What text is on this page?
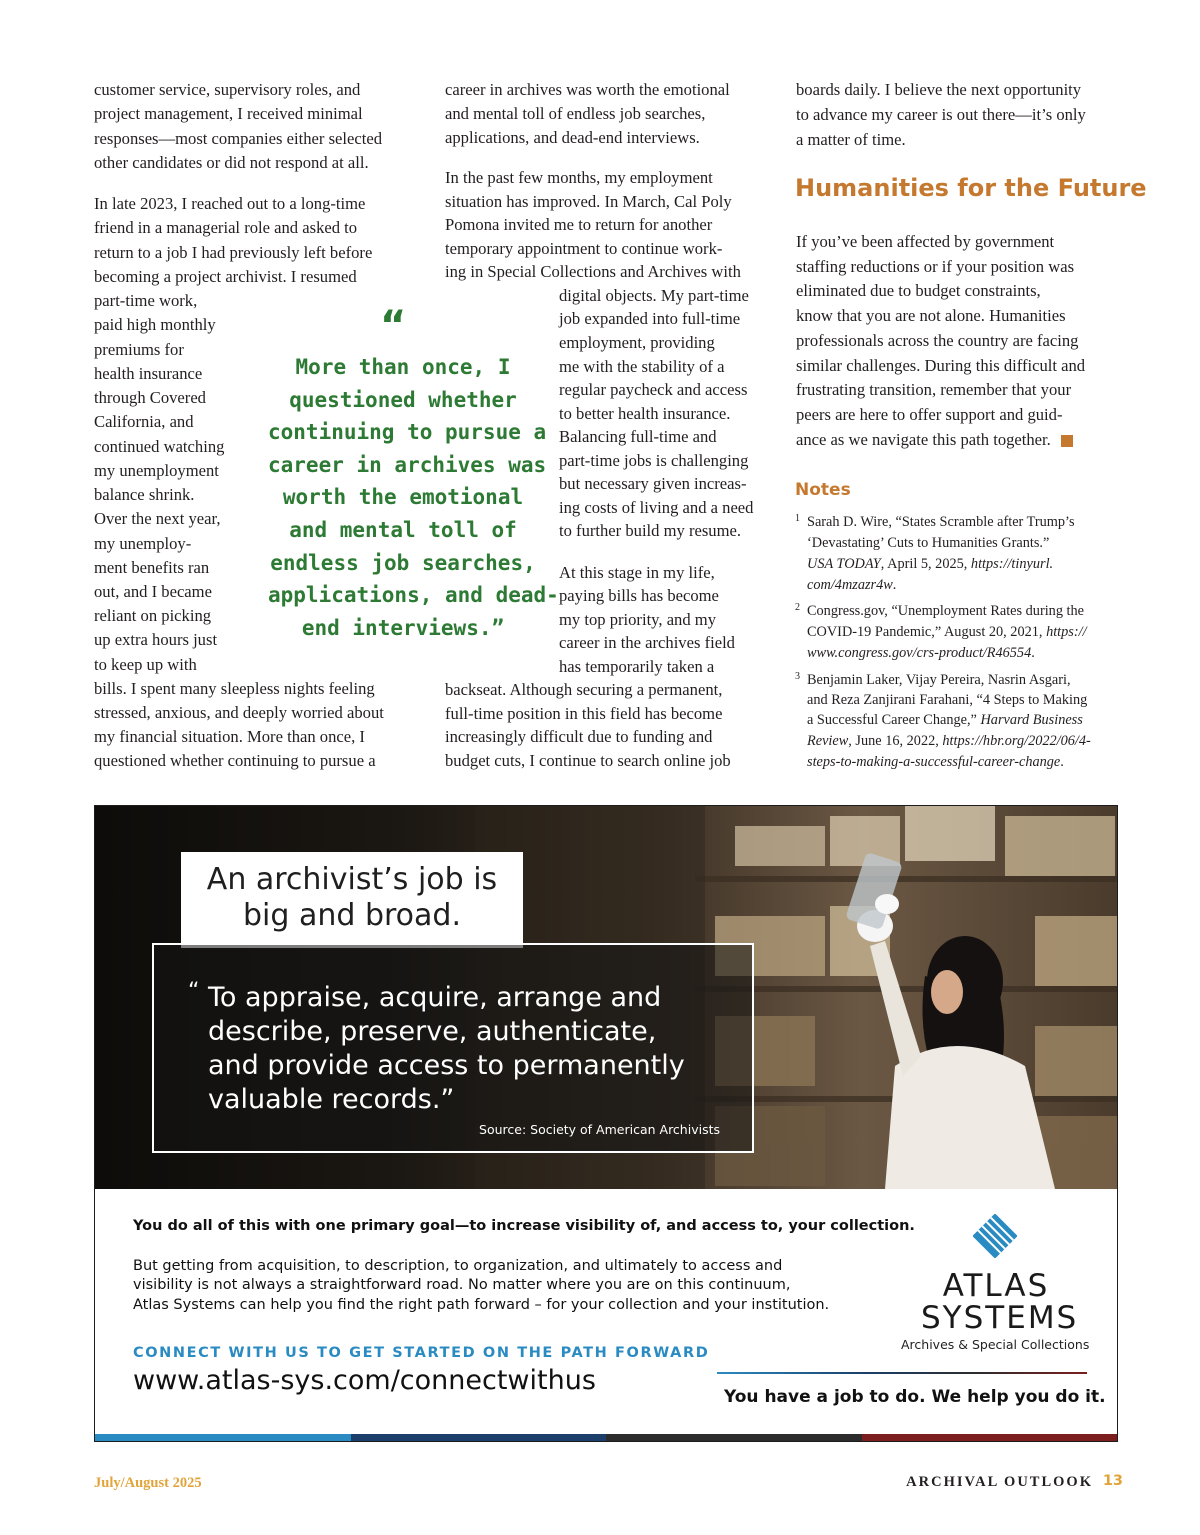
customer service, supervisory roles, and
project management, I received minimal
responses—most companies either selected
other candidates or did not respond at all.
In late 2023, I reached out to a long-time
friend in a managerial role and asked to
return to a job I had previously left before
becoming a project archivist. I resumed
part-time work,
paid high monthly
premiums for
health insurance
through Covered
California, and
continued watching
my unemployment
balance shrink.
Over the next year,
my unemploy-
ment benefits ran
out, and I became
reliant on picking
up extra hours just
to keep up with
bills. I spent many sleepless nights feeling
stressed, anxious, and deeply worried about
my financial situation. More than once, I
questioned whether continuing to pursue a
“
More than once, I
questioned whether
continuing to pursue a
career in archives was
worth the emotional
and mental toll of
endless job searches,
applications, and dead-
end interviews.”
career in archives was worth the emotional
and mental toll of endless job searches,
applications, and dead-end interviews.
In the past few months, my employment
situation has improved. In March, Cal Poly
Pomona invited me to return for another
temporary appointment to continue work-
ing in Special Collections and Archives with
digital objects. My part-time
job expanded into full-time
employment, providing
me with the stability of a
regular paycheck and access
to better health insurance.
Balancing full-time and
part-time jobs is challenging
but necessary given increas-
ing costs of living and a need
to further build my resume.
At this stage in my life,
paying bills has become
my top priority, and my
career in the archives field
has temporarily taken a
backseat. Although securing a permanent,
full-time position in this field has become
increasingly difficult due to funding and
budget cuts, I continue to search online job
boards daily. I believe the next opportunity
to advance my career is out there—it’s only
a matter of time.
Humanities for the Future
If you’ve been affected by government
staffing reductions or if your position was
eliminated due to budget constraints,
know that you are not alone. Humanities
professionals across the country are facing
similar challenges. During this difficult and
frustrating transition, remember that your
peers are here to offer support and guid-
ance as we navigate this path together.
Notes
1 Sarah D. Wire, “States Scramble after Trump’s
‘Devastating’ Cuts to Humanities Grants.”
USA TODAY, April 5, 2025, https://tinyurl.
com/4mzazr4w.
2 Congress.gov, “Unemployment Rates during the
COVID-19 Pandemic,” August 20, 2021, https://
www.congress.gov/crs-product/R46554.
3 Benjamin Laker, Vijay Pereira, Nasrin Asgari,
and Reza Zanjirani Farahani, “4 Steps to Making
a Successful Career Change,” Harvard Business
Review, June 16, 2022, https://hbr.org/2022/06/4-
steps-to-making-a-successful-career-change.
An archivist’s job is
big and broad.
“ To appraise, acquire, arrange and
describe, preserve, authenticate,
and provide access to permanently
valuable records.”
Source: Society of American Archivists
You do all of this with one primary goal—to increase visibility of, and access to, your collection.
But getting from acquisition, to description, to organization, and ultimately to access and
visibility is not always a straightforward road. No matter where you are on this continuum,
Atlas Systems can help you find the right path forward – for your collection and your institution.
CONNECT WITH US TO GET STARTED ON THE PATH FORWARD
www.atlas-sys.com/connectwithus
ATLAS
SYSTEMS
Archives & Special Collections
You have a job to do. We help you do it.
July/August 2025	ARCHIVAL OUTLOOK 13
